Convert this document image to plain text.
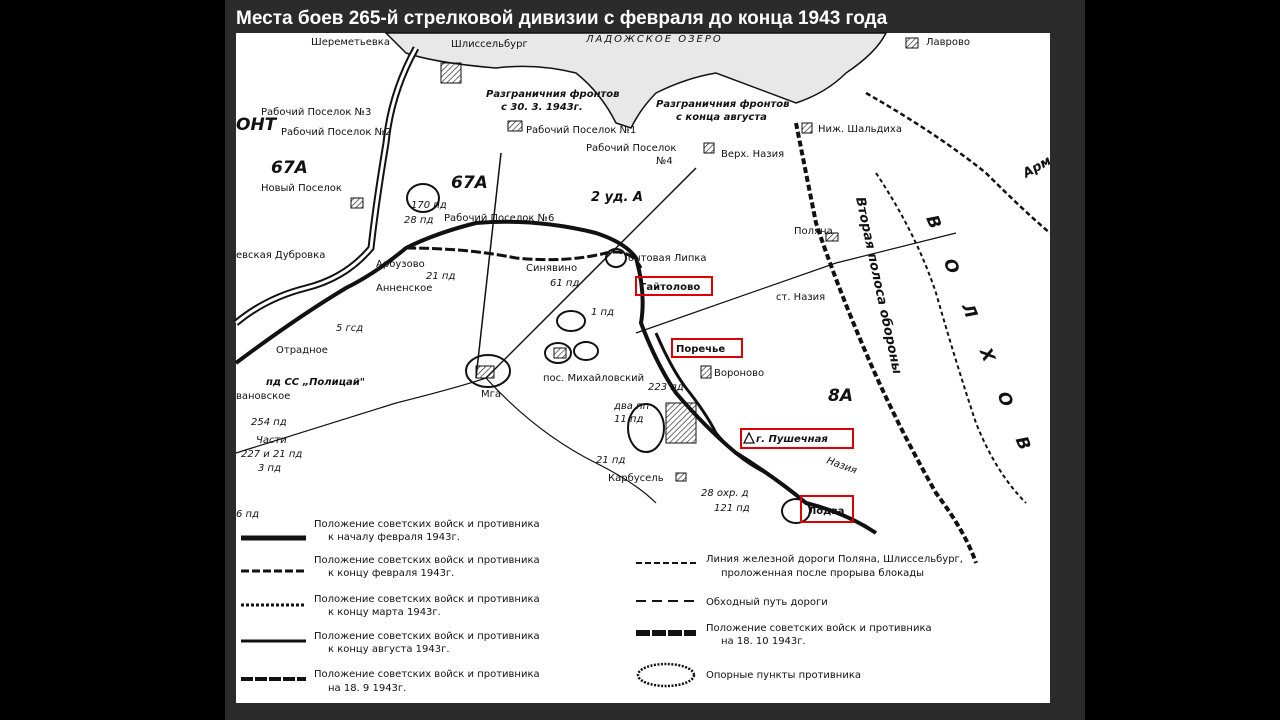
Места боев 265-й стрелковой дивизии с февраля до конца 1943 года
ЛАДОЖСКОЕ ОЗЕРО
Шереметьевка	Шлиссельбург	Лаврово
Разграничния фронтов
с 30. 3. 1943г.	Разграничния фронтов
с конца августа
Рабочий Поселок №3
Рабочий Поселок №2	Рабочий Поселок №1
Рабочий Поселок
№4
Верх. Назия
Ниж. Шальдиха
ОНТ
67А
67А
Новый Поселок
2 уд. А
170 пд
28 пд Рабочий Поселок №6	Вторая полоса обороны В О Л Х О В
Арм
Поляна
евская Дубровка
Арбузово
21 пд
Анненское
Синявино
61 пд
онтовая Липка
Гайтолово
ст. Назия
1 пд
5 гсд
Отрадное	Поречье
пд СС „Полицай"	пос. Михайловский	Вороново
вановское	Мга
223 пд	8А
254 пд
Части
227 и 21 пд
3 пд
два пп
11 пд
г. Пушечная
Назия
21 пд
Карбусель
28 охр. д
121 пд	Лодва
6 пд
Положение советских войск и противника
к началу февраля 1943г.
Положение советских войск и противника
к концу февраля 1943г.
Положение советских войск и противника
к концу марта 1943г.
Положение советских войск и противника
к концу августа 1943г.
Положение советских войск и противника
на 18. 9 1943г.
Линия железной дороги Поляна, Шлиссельбург,
проложенная после прорыва блокады
Обходный путь дороги
Положение советских войск и противника
на 18. 10 1943г.
Опорные пункты противника
